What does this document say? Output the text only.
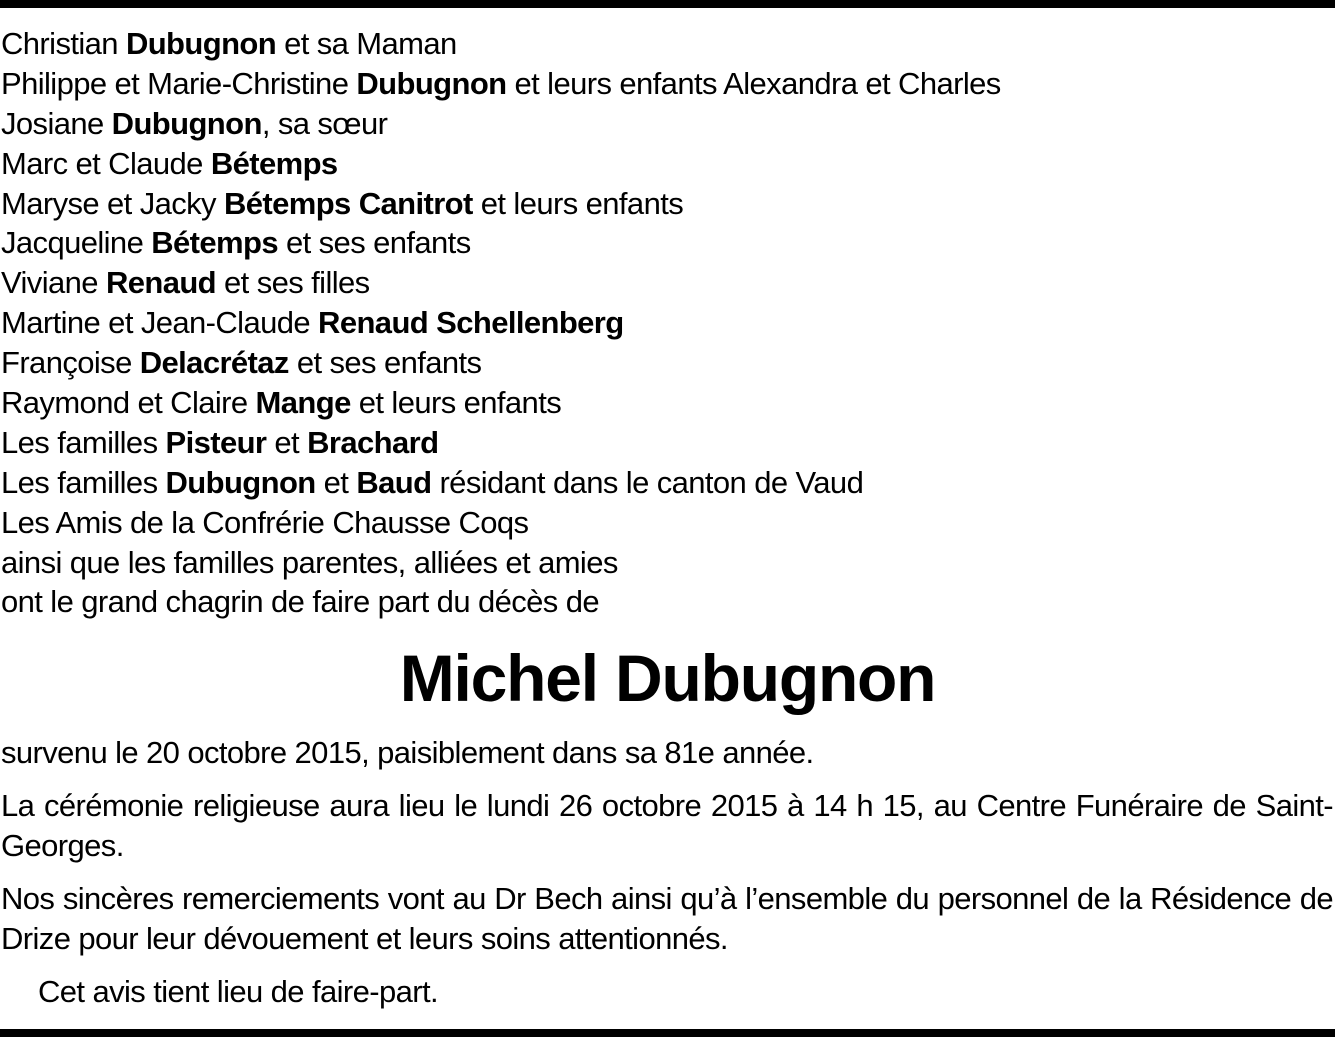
Christian Dubugnon et sa Maman
Philippe et Marie-Christine Dubugnon et leurs enfants Alexandra et Charles
Josiane Dubugnon, sa sœur
Marc et Claude Bétemps
Maryse et Jacky Bétemps Canitrot et leurs enfants
Jacqueline Bétemps et ses enfants
Viviane Renaud et ses filles
Martine et Jean-Claude Renaud Schellenberg
Françoise Delacrétaz et ses enfants
Raymond et Claire Mange et leurs enfants
Les familles Pisteur et Brachard
Les familles Dubugnon et Baud résidant dans le canton de Vaud
Les Amis de la Confrérie Chausse Coqs
ainsi que les familles parentes, alliées et amies
ont le grand chagrin de faire part du décès de
Michel Dubugnon

survenu le 20 octobre 2015, paisiblement dans sa 81e année.

La cérémonie religieuse aura lieu le lundi 26 octobre 2015 à 14 h 15, au Centre Funéraire de Saint-Georges.

Nos sincères remerciements vont au Dr Bech ainsi qu’à l’ensemble du personnel de la Résidence de Drize pour leur dévouement et leurs soins attentionnés.

Cet avis tient lieu de faire-part.
